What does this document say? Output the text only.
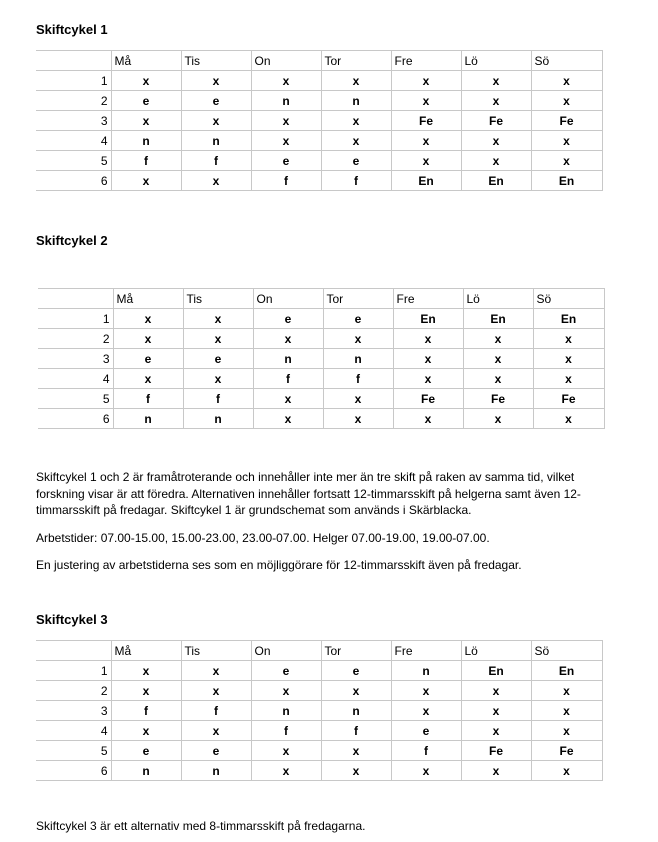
Skiftcykel 1
	Må	Tis	On	Tor	Fre	Lö	Sö
1	x	x	x	x	x	x	x
2	e	e	n	n	x	x	x
3	x	x	x	x	Fe	Fe	Fe
4	n	n	x	x	x	x	x
5	f	f	e	e	x	x	x
6	x	x	f	f	En	En	En
Skiftcykel 2
	Må	Tis	On	Tor	Fre	Lö	Sö
1	x	x	e	e	En	En	En
2	x	x	x	x	x	x	x
3	e	e	n	n	x	x	x
4	x	x	f	f	x	x	x
5	f	f	x	x	Fe	Fe	Fe
6	n	n	x	x	x	x	x

Skiftcykel 1 och 2 är framåtroterande och innehåller inte mer än tre skift på raken av samma tid, vilket forskning visar är att föredra. Alternativen innehåller fortsatt 12-timmarsskift på helgerna samt även 12-timmarsskift på fredagar. Skiftcykel 1 är grundschemat som används i Skärblacka.

Arbetstider: 07.00-15.00, 15.00-23.00, 23.00-07.00. Helger 07.00-19.00, 19.00-07.00.

En justering av arbetstiderna ses som en möjliggörare för 12-timmarsskift även på fredagar.

Skiftcykel 3
	Må	Tis	On	Tor	Fre	Lö	Sö
1	x	x	e	e	n	En	En
2	x	x	x	x	x	x	x
3	f	f	n	n	x	x	x
4	x	x	f	f	e	x	x
5	e	e	x	x	f	Fe	Fe
6	n	n	x	x	x	x	x

Skiftcykel 3 är ett alternativ med 8-timmarsskift på fredagarna.
